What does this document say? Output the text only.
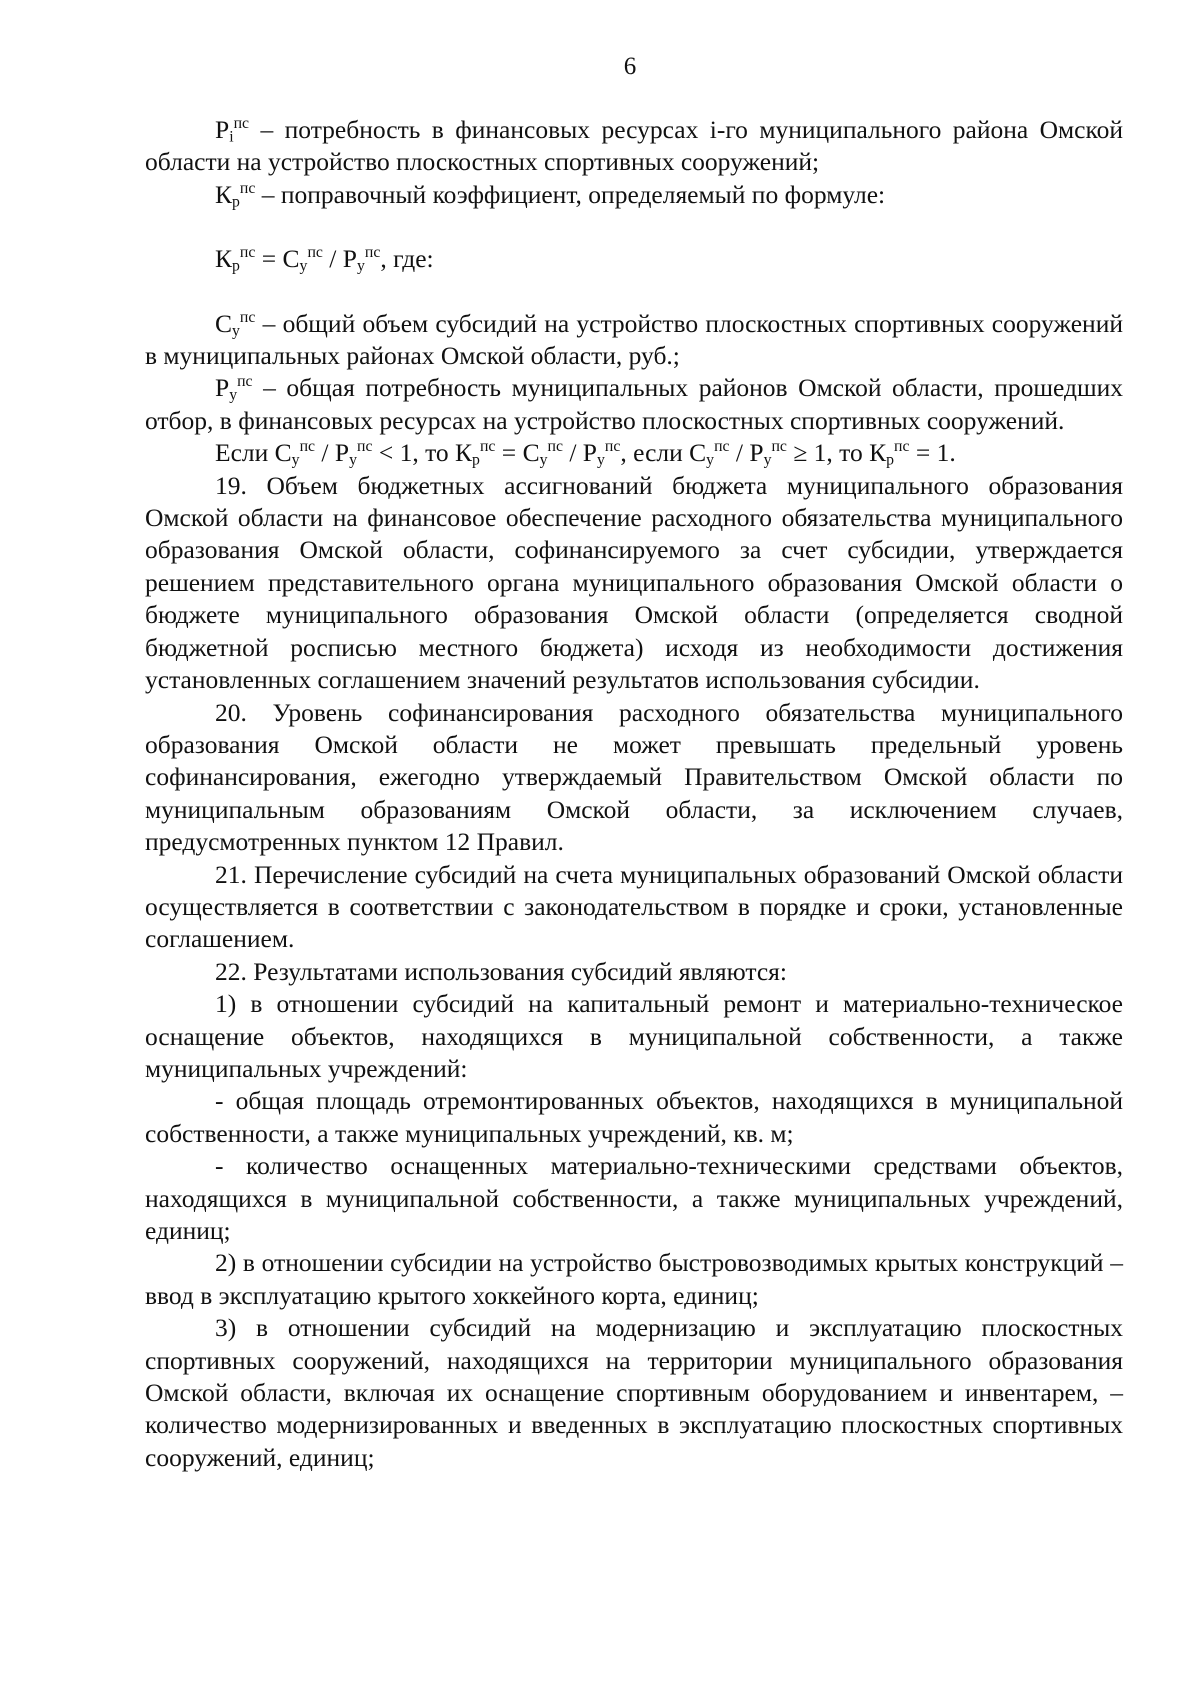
6

$P_i^{пс}$ – потребность в финансовых ресурсах i-го муниципального района Омской области на устройство плоскостных спортивных сооружений;

$К_р^{пс}$ – поправочный коэффициент, определяемый по формуле:

$К_р^{пс} = С_у^{пс} / Р_у^{пс}$, где:

$С_у^{пс}$ – общий объем субсидий на устройство плоскостных спортивных сооружений в муниципальных районах Омской области, руб.;

$Р_у^{пс}$ – общая потребность муниципальных районов Омской области, прошедших отбор, в финансовых ресурсах на устройство плоскостных спортивных сооружений.

Если $С_у^{пс} / Р_у^{пс} < 1$, то $К_р^{пс} = С_у^{пс} / Р_у^{пс}$, если $С_у^{пс} / Р_у^{пс} \ge 1$, то $К_р^{пс} = 1$.

19. Объем бюджетных ассигнований бюджета муниципального образования Омской области на финансовое обеспечение расходного обязательства муниципального образования Омской области, софинансируемого за счет субсидии, утверждается решением представительного органа муниципального образования Омской области о бюджете муниципального образования Омской области (определяется сводной бюджетной росписью местного бюджета) исходя из необходимости достижения установленных соглашением значений результатов использования субсидии.

20. Уровень софинансирования расходного обязательства муниципального образования Омской области не может превышать предельный уровень софинансирования, ежегодно утверждаемый Правительством Омской области по муниципальным образованиям Омской области, за исключением случаев, предусмотренных пунктом 12 Правил.

21. Перечисление субсидий на счета муниципальных образований Омской области осуществляется в соответствии с законодательством в порядке и сроки, установленные соглашением.

22. Результатами использования субсидий являются:

1) в отношении субсидий на капитальный ремонт и материально-техническое оснащение объектов, находящихся в муниципальной собственности, а также муниципальных учреждений:

- общая площадь отремонтированных объектов, находящихся в муниципальной собственности, а также муниципальных учреждений, кв. м;

- количество оснащенных материально-техническими средствами объектов, находящихся в муниципальной собственности, а также муниципальных учреждений, единиц;

2) в отношении субсидии на устройство быстровозводимых крытых конструкций – ввод в эксплуатацию крытого хоккейного корта, единиц;

3) в отношении субсидий на модернизацию и эксплуатацию плоскостных спортивных сооружений, находящихся на территории муниципального образования Омской области, включая их оснащение спортивным оборудованием и инвентарем, – количество модернизированных и введенных в эксплуатацию плоскостных спортивных сооружений, единиц;
